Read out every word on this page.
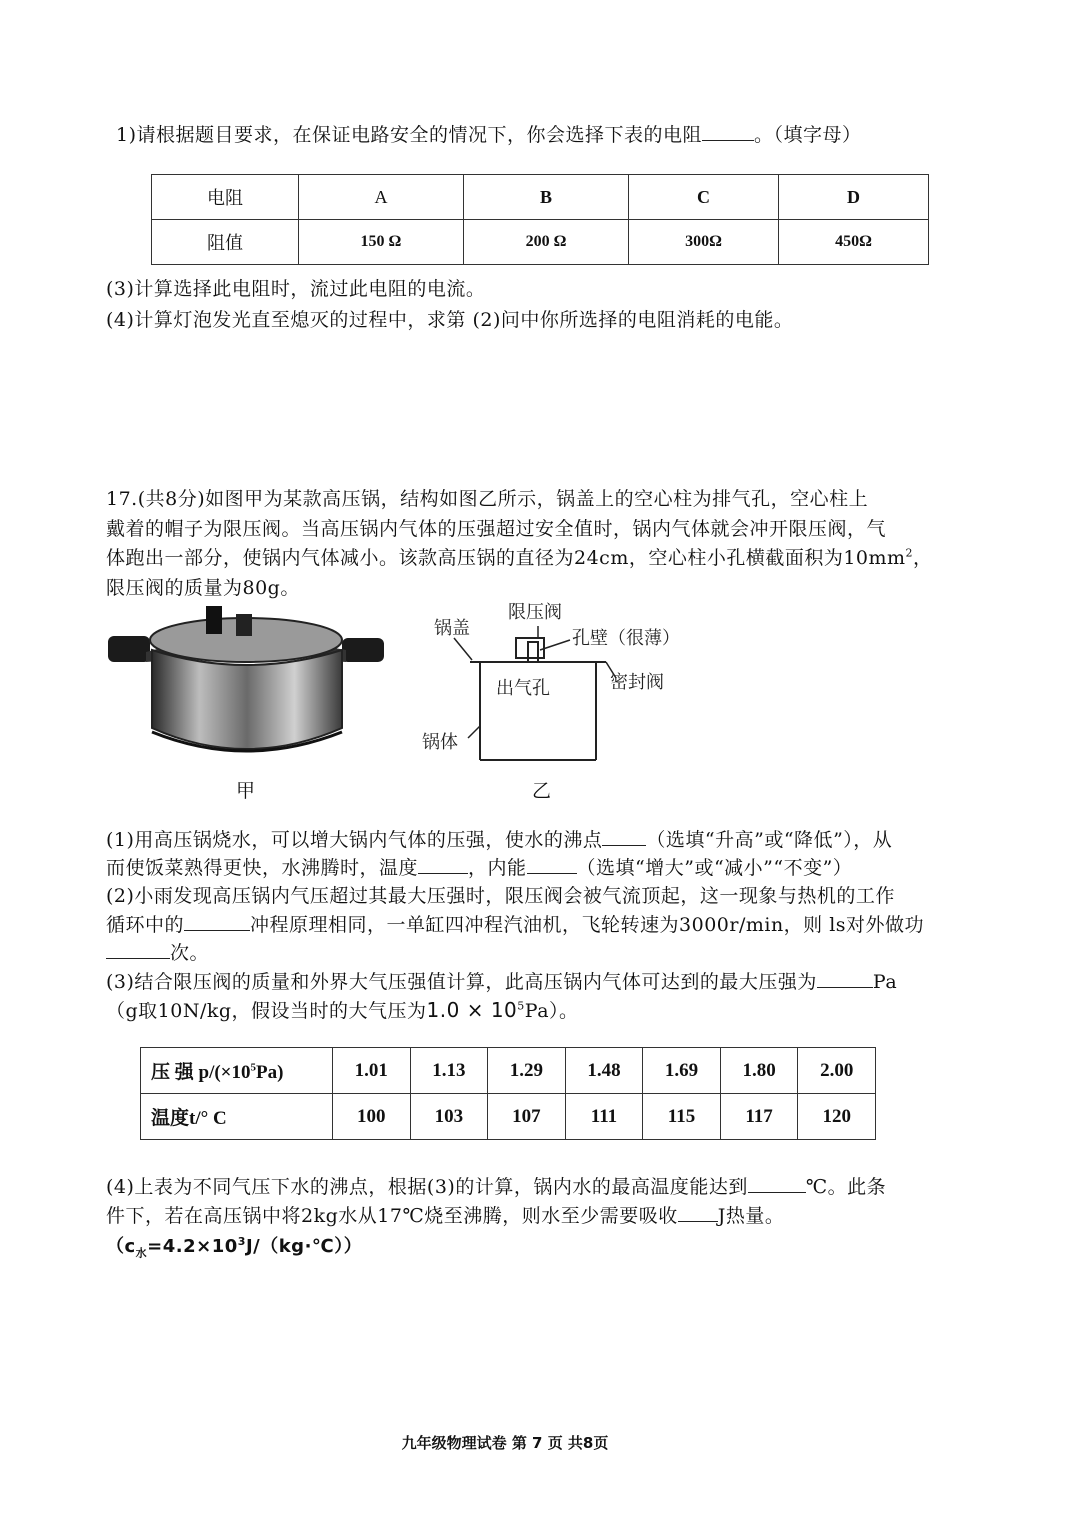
1)请根据题目要求，在保证电路安全的情况下，你会选择下表的电阻	。（填字母）
电阻	A	B	C	D
阻值	150 Ω	200 Ω	300Ω	450Ω
(3)计算选择此电阻时，流过此电阻的电流。
(4)计算灯泡发光直至熄灭的过程中，求第 (2)问中你所选择的电阻消耗的电能。
17.(共8分)如图甲为某款高压锅，结构如图乙所示，锅盖上的空心柱为排气孔，空心柱上
戴着的帽子为限压阀。当高压锅内气体的压强超过安全值时，锅内气体就会冲开限压阀，气
体跑出一部分，使锅内气体减小。该款高压锅的直径为24cm，空心柱小孔横截面积为$10mm^2$，
限压阀的质量为80g。
甲
限压阀
锅盖	孔壁（很薄）
出气孔	密封阀
锅体
乙
(1)用高压锅烧水，可以增大锅内气体的压强，使水的沸点 （选填“升高”或“降低”），从
而使饭菜熟得更快，水沸腾时，温度	，内能	（选填“增大”或“减小”“不变”）
(2)小雨发现高压锅内气压超过其最大压强时，限压阀会被气流顶起，这一现象与热机的工作
循环中的	冲程原理相同，一单缸四冲程汽油机，飞轮转速为3000r/min，则 ls对外做功
次。
(3)结合限压阀的质量和外界大气压强值计算，此高压锅内气体可达到的最大压强为	Pa
（g取10N/kg，假设当时的大气压为$1.0 \times 10^5Pa$）。
压 强 $p/(\times 10^5Pa)$	1.01	1.13	1.29	1.48	1.69	1.80	2.00
温度t/° C	100	103	107	111	115	117	120
(4)上表为不同气压下水的沸点，根据(3)的计算，锅内水的最高温度能达到	℃。此条
件下，若在高压锅中将2kg水从17℃烧至沸腾，则水至少需要吸收 J热量。
$(c_水=4.2\times 10^3J/(kg\cdot℃))$
九年级物理试卷 第 7 页 共8页
